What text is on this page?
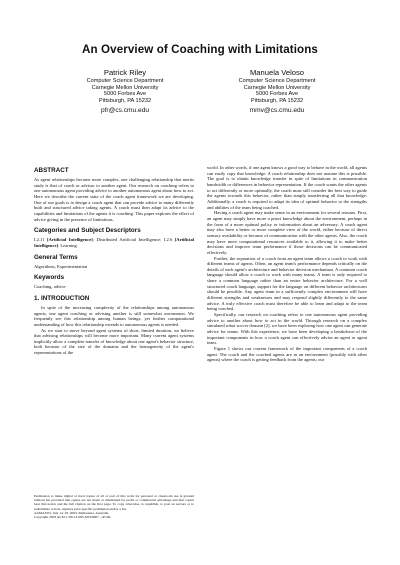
An Overview of Coaching with Limitations
Patrick Riley
Computer Science Department
Carnegie Mellon University
5000 Forbes Ave
Pittsburgh, PA 15232
pfr@cs.cmu.edu
Manuela Veloso
Computer Science Department
Carnegie Mellon University
5000 Forbes Ave
Pittsburgh, PA 15232
mmv@cs.cmu.edu
ABSTRACT

As agent relationships become more complex, one challenging relationship that merits study is that of coach or advisor to another agent. Our research on coaching refers to one autonomous agent providing advice to another autonomous agent about how to act. Here we describe the current state of the coach agent framework we are developing. One of our goals is to design a coach agent that can provide advice to many differently built and structured advice taking agents. A coach must then adapt its advice to the capabilities and limitations of the agents it is coaching. This paper explores the effect of advice giving in the presence of limitations.

Categories and Subject Descriptors

I.2.11 [Artificial Intelligence]: Distributed Artificial Intelligence; I.2.6 [Artificial Intelligence]: Learning

General Terms

Algorithms, Experimentation

Keywords

Coaching, advice

1. INTRODUCTION

In spite of the increasing complexity of the relationships among autonomous agents, one agent coaching or advising another is still somewhat uncommon. We frequently see this relationship among human beings, yet further computational understanding of how this relationship extends to autonomous agents is needed.

As we start to move beyond agent systems of short, limited duration, we believe that advising relationships will become more important. Many current agent systems implicitly allow a complete transfer of knowledge about one agent's behavior structure, both because of the size of the domains and the homogeneity of the agent's representations of the

Permission to make digital or hard copies of all or part of this work for personal or classroom use is granted without fee provided that copies are not made or distributed for profit or commercial advantage and that copies bear this notice and the full citation on the first page. To copy otherwise, to republish, to post on servers or to redistribute to lists, requires prior specific permission and/or a fee.

AAMAS'03, July 14–18, 2003, Melbourne, Australia.

Copyright 2003 ACM 1-58113-683-8/03/0007 ...$5.00.

world. In other words, if one agent knows a good way to behave in the world, all agents can easily copy that knowledge. A coach relationship does not assume this is possible. The goal is to obtain knowledge transfer in spite of limitations in communication bandwidth or differences in behavior representation. If the coach wants the other agents to act differently or more optimally, the coach must still consider the best way to guide the agents towards this behavior, rather than simply transferring all that knowledge. Additionally, a coach is required to adapt its idea of optimal behavior to the strengths and abilities of the team being coached.

Having a coach agent may make sense in an environment for several reasons. First, an agent may simply have more a priori knowledge about the environment, perhaps in the form of a more optimal policy or information about an adversary. A coach agent may also have a better or more complete view of the world, either because of direct sensory availability or because of communication with the other agents. Also, the coach may have more computational resources available to it, allowing it to make better decisions and improve team performance if those decisions can be communicated effectively.

Further, the separation of a coach from an agent team allows a coach to work with different teams of agents. Often, an agent team's performance depends critically on the details of each agent's architecture and behavior decision mechanism. A common coach language should allow a coach to work with many teams. A team is only required to share a common language rather than an entire behavior architecture. For a well structured coach language, support for the language on different behavior architectures should be possible. Any agent team in a sufficiently complex environment will have different strengths and weaknesses and may respond slightly differently to the same advice. A truly effective coach must therefore be able to learn and adapt to the team being coached.

Specifically, our research on coaching refers to one autonomous agent providing advice to another about how to act in the world. Through research on a complex simulated robot soccer domain [2], we have been exploring how one agent can generate advice for teams. With this experience, we have been developing a breakdown of the important components in how a coach agent can effectively advise an agent or agent team.

Figure 1 shows our current framework of the important components of a coach agent. The coach and the coached agents are in an environment (possibly with other agents) where the coach is getting feedback from the agents; our
